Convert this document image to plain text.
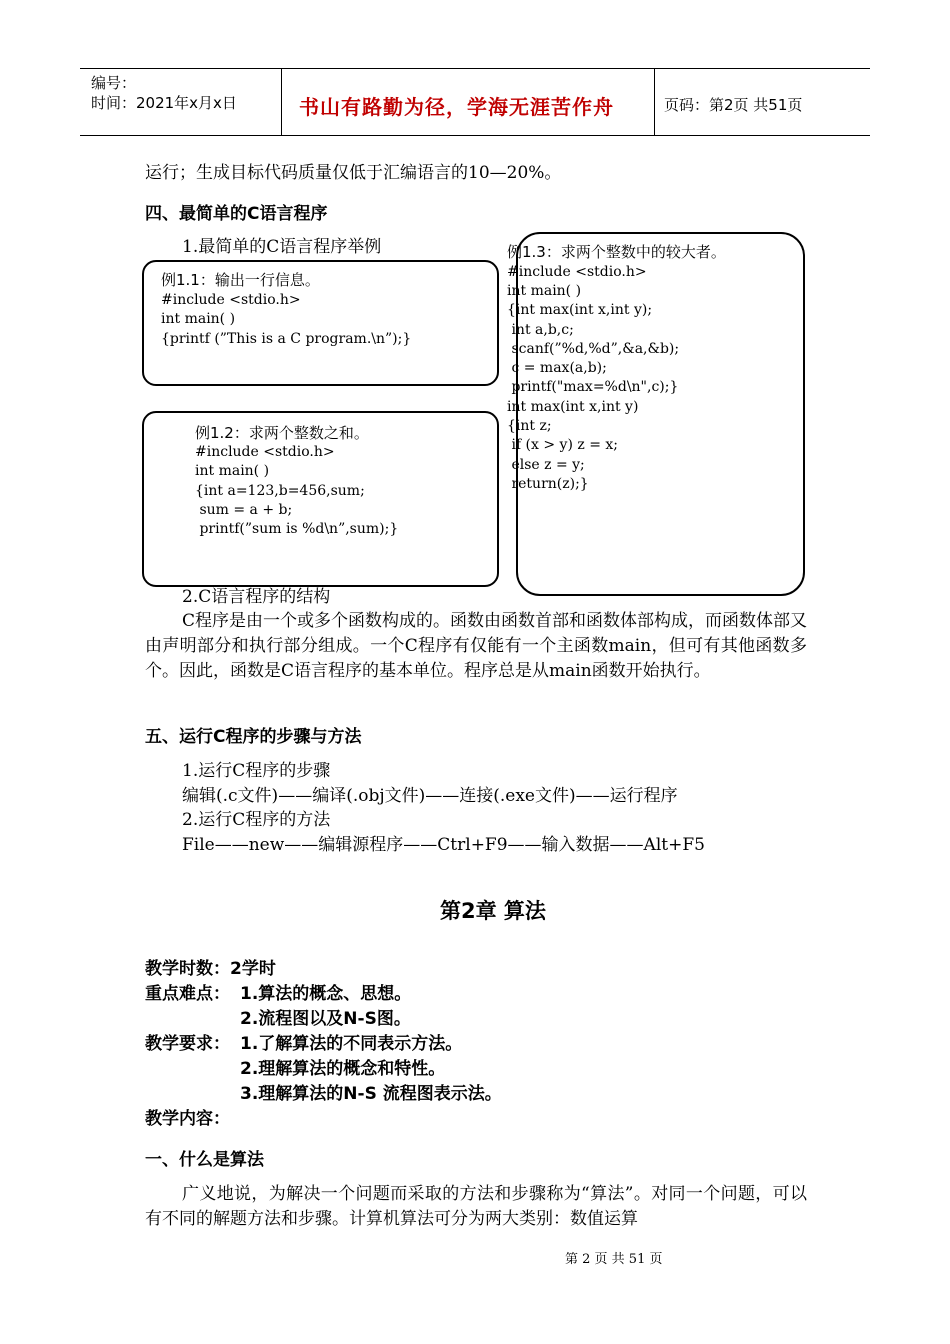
编号：
时间：2021年x月x日	书山有路勤为径，学海无涯苦作舟	页码：第2页 共51页
运行；生成目标代码质量仅低于汇编语言的10—20%。
四、最简单的C语言程序
1.最简单的C语言程序举例
例1.1：输出一行信息。
#include <stdio.h>
int main( )
{printf (”This is a C program.\n”);}
例1.2：求两个整数之和。
#include <stdio.h>
int main( )
{int a=123,b=456,sum;
sum = a + b;
printf(”sum is %d\n”,sum);}
例1.3：求两个整数中的较大者。
#include <stdio.h>
int main( )
{int max(int x,int y);
int a,b,c;
scanf(”%d,%d”,&a,&b);
c = max(a,b);
printf("max=%d\n",c);}
int max(int x,int y)
{int z;
if (x > y) z = x;
else z = y;
return(z);}
2.C语言程序的结构
C程序是由一个或多个函数构成的。函数由函数首部和函数体部构成，而函数体部又由声明部分和执行部分组成。一个C程序有仅能有一个主函数main，但可有其他函数多个。因此，函数是C语言程序的基本单位。程序总是从main函数开始执行。
五、运行C程序的步骤与方法
1.运行C程序的步骤
编辑(.c文件)——编译(.obj文件)——连接(.exe文件)——运行程序
2.运行C程序的方法
File——new——编辑源程序——Ctrl+F9——输入数据——Alt+F5
第2章 算法
教学时数：2学时
重点难点： 1.算法的概念、思想。
2.流程图以及N-S图。
教学要求： 1.了解算法的不同表示方法。
2.理解算法的概念和特性。
3.理解算法的N-S 流程图表示法。
教学内容：
一、什么是算法
广义地说，为解决一个问题而采取的方法和步骤称为“算法”。对同一个问题，可以有不同的解题方法和步骤。计算机算法可分为两大类别：数值运算
第 2 页 共 51 页
